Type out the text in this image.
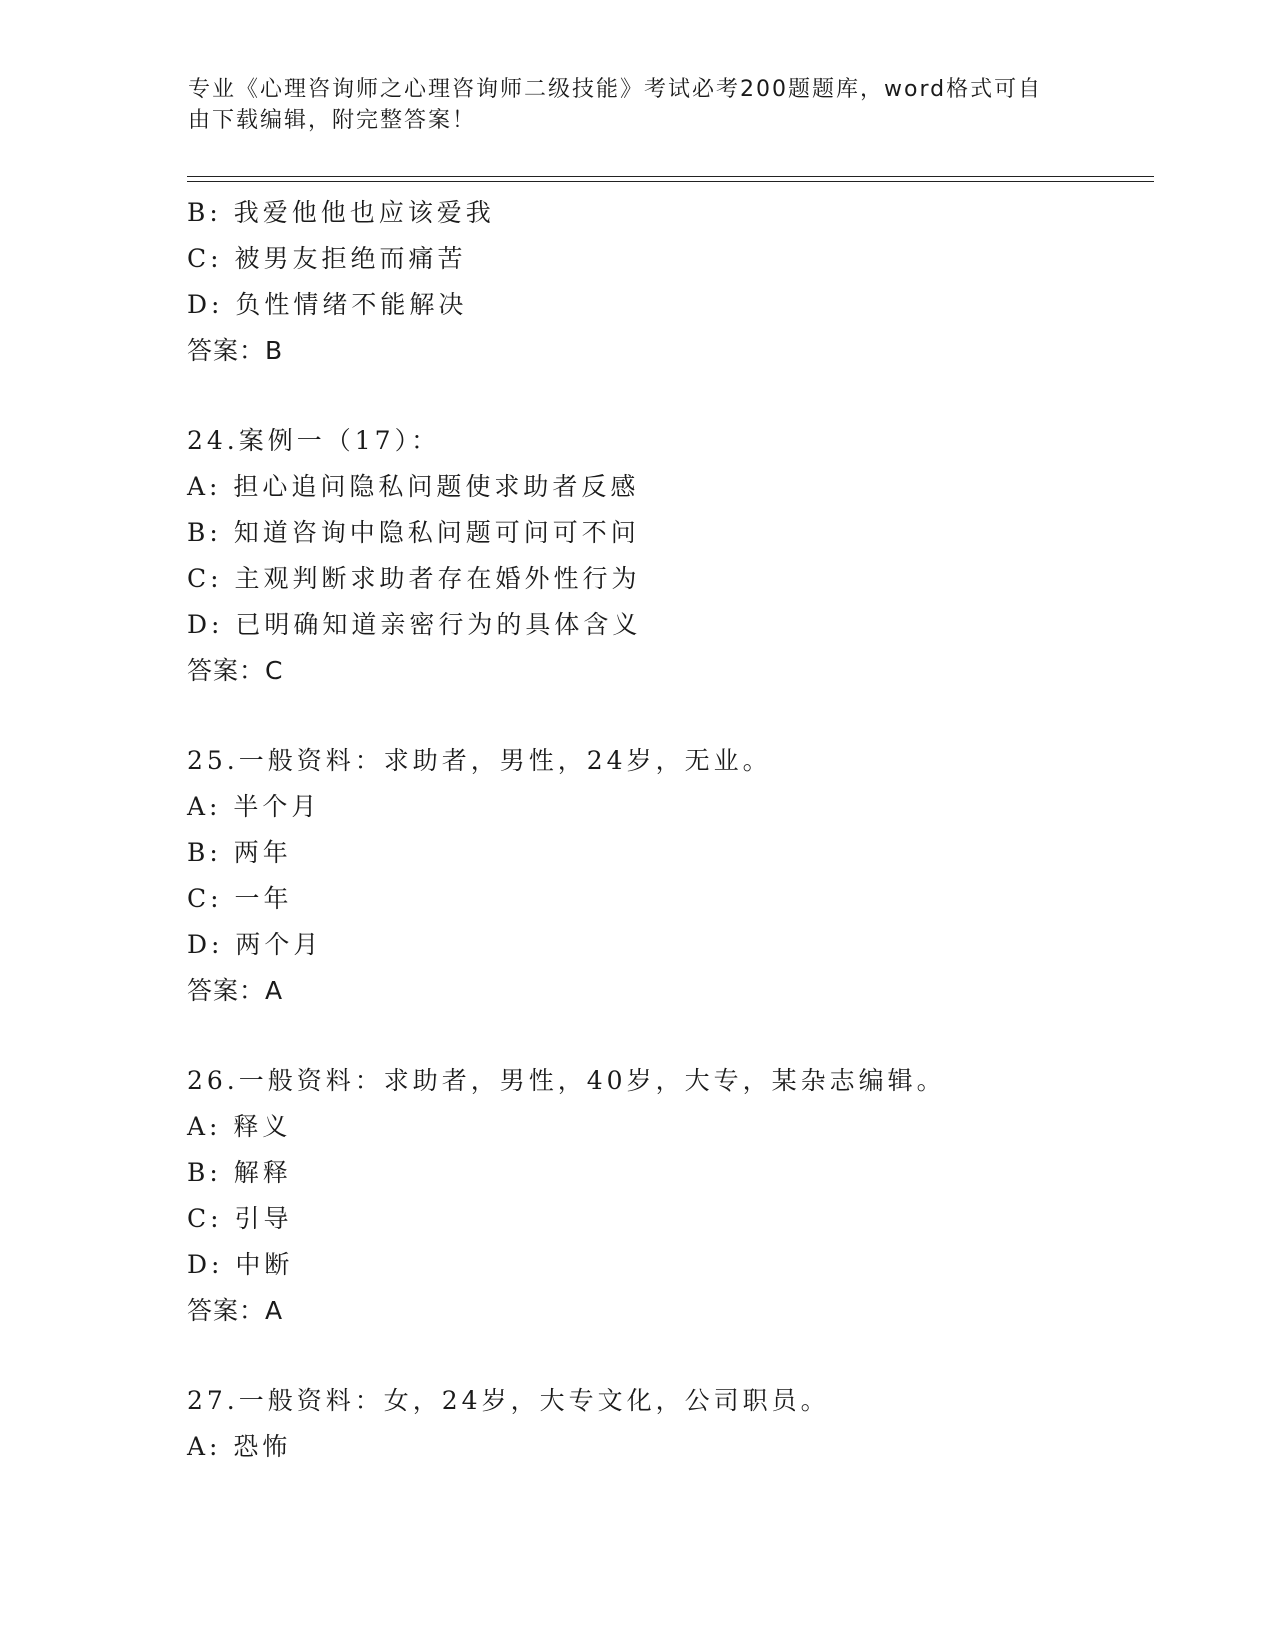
专业《心理咨询师之心理咨询师二级技能》考试必考200题题库，word格式可自
由下载编辑，附完整答案！
B: 我爱他他也应该爱我
C: 被男友拒绝而痛苦
D: 负性情绪不能解决
答案：B
24.案例一（17）：
A: 担心追问隐私问题使求助者反感
B: 知道咨询中隐私问题可问可不问
C: 主观判断求助者存在婚外性行为
D: 已明确知道亲密行为的具体含义
答案：C
25.一般资料：求助者，男性，24岁，无业。
A: 半个月
B: 两年
C: 一年
D: 两个月
答案：A
26.一般资料：求助者，男性，40岁，大专，某杂志编辑。
A: 释义
B: 解释
C: 引导
D: 中断
答案：A
27.一般资料：女，24岁，大专文化，公司职员。
A: 恐怖
